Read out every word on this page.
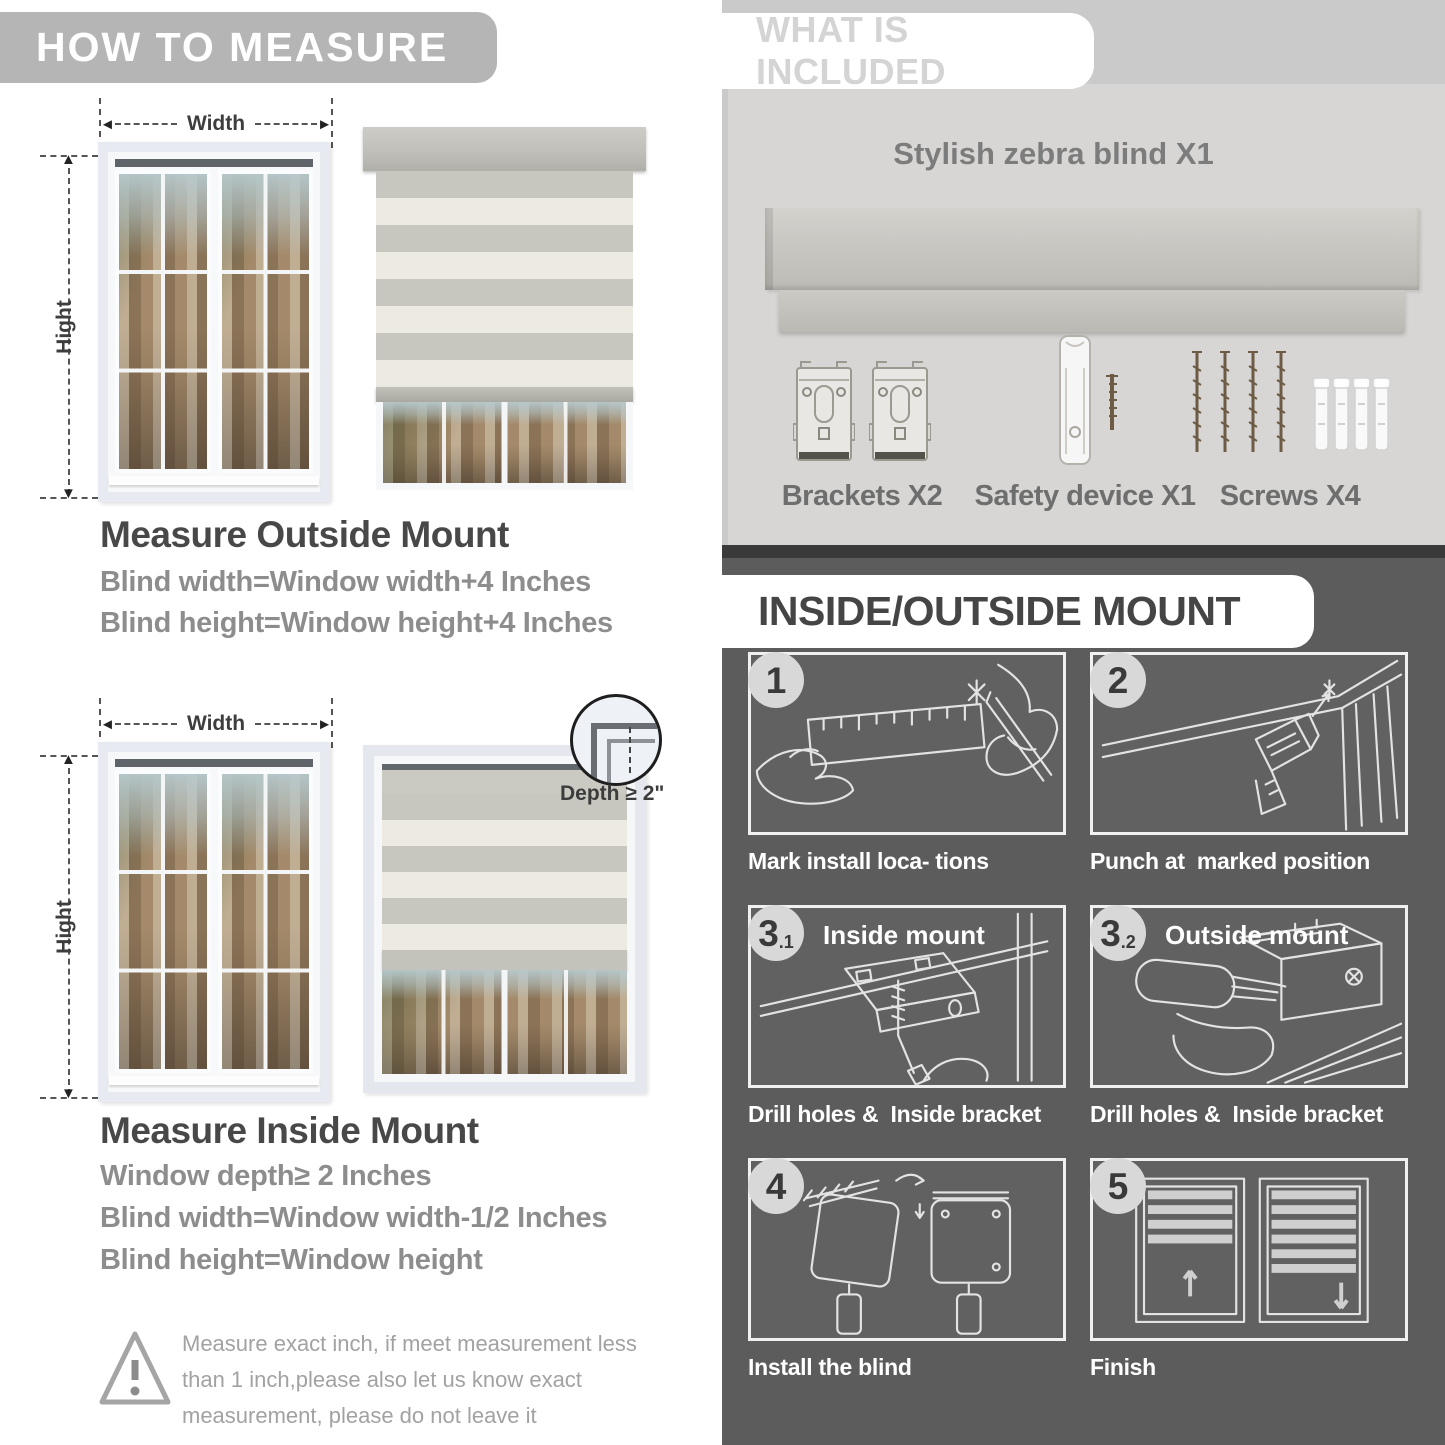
HOW TO MEASURE
◄	Width	►
▲
▼
Hight
Measure Outside Mount
Blind width=Window width+4 Inches
Blind height=Window height+4 Inches
◄	Width	►
▲
▼
Hight
Depth ≥ 2"
Measure Inside Mount
Window depth≥ 2 Inches
Blind width=Window width-1/2 Inches
Blind height=Window height
Measure exact inch, if meet measurement less than 1 inch,please also let us know exact measurement, please do not leave it
WHAT IS INCLUDED
Stylish zebra blind X1
Brackets X2	Safety device X1 Screws X4
INSIDE/OUTSIDE MOUNT
1
Mark install loca- tions
2
Punch at  marked position
3 .1 Inside mount
Drill holes &  Inside bracket
3 .2 Outside mount
Drill holes &  Inside bracket
4
Install the blind
5
Finish
